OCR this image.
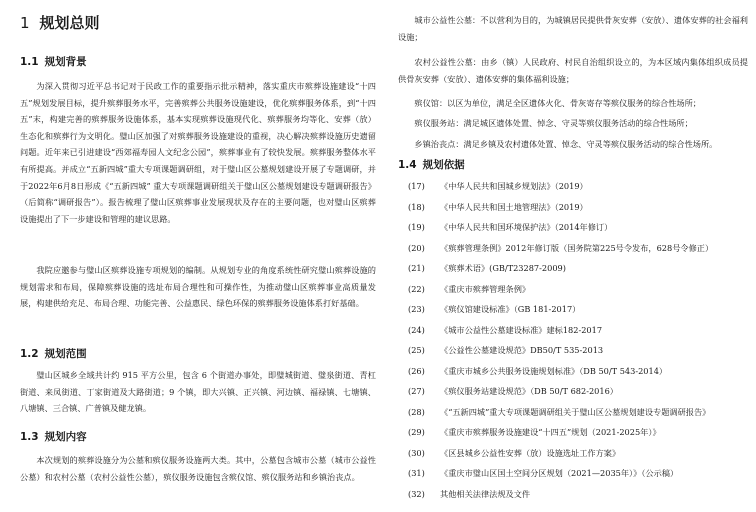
1 规划总则
1.1 规划背景
为深入贯彻习近平总书记对于民政工作的重要指示批示精神，落实重庆市殡葬设施建设“十四五”规划发展目标，提升殡葬服务水平，完善殡葬公共服务设施建设，优化殡葬服务体系，到“十四五”末，构建完善的殡葬服务设施体系，基本实现殡葬设施现代化、殡葬服务均等化、安葬（放）生态化和殡葬行为文明化。璧山区加强了对殡葬服务设施建设的重视，决心解决殡葬设施历史遗留问题。近年来已引进建设“西郊福寿园人文纪念公园”，殡葬事业有了较快发展。殡葬服务整体水平有所提高。并成立“五新四城”重大专项课题调研组，对于璧山区公墓规划建设开展了专题调研，并于2022年6月8日形成《“五新四城” 重大专项课题调研组关于璧山区公墓规划建设专题调研报告》（后简称“调研报告”）。报告梳理了璧山区殡葬事业发展现状及存在的主要问题，也对璧山区殡葬设施提出了下一步建设和管理的建议思路。
我院应邀参与璧山区殡葬设施专项规划的编制。从规划专业的角度系统性研究璧山殡葬设施的规划需求和布局，保障殡葬设施的选址布局合理性和可操作性，为推动璧山区殡葬事业高质量发展，构建供给充足、布局合理、功能完善、公益惠民、绿色环保的殡葬服务设施体系打好基础。
1.2 规划范围
璧山区城乡全域共计约 915 平方公里，包含 6 个街道办事处，即璧城街道、璧泉街道、青杠街道、来凤街道、丁家街道及大路街道；9 个镇，即大兴镇、正兴镇、河边镇、福禄镇、七塘镇、八塘镇、三合镇、广普镇及健龙镇。
1.3 规划内容
本次规划的殡葬设施分为公墓和殡仪服务设施两大类。其中，公墓包含城市公墓（城市公益性公墓）和农村公墓（农村公益性公墓），殡仪服务设施包含殡仪馆、殡仪服务站和乡镇治丧点。
城市公益性公墓：不以营利为目的，为城镇居民提供骨灰安葬（安放）、遗体安葬的社会福利设施；
农村公益性公墓：由乡（镇）人民政府、村民自治组织设立的，为本区域内集体组织成员提供骨灰安葬（安放）、遗体安葬的集体福利设施；
殡仪馆：以区为单位，满足全区遗体火化、骨灰寄存等殡仪服务的综合性场所；
殡仪服务站：满足城区遗体处置、悼念、守灵等殡仪服务活动的综合性场所；
乡镇治丧点：满足乡镇及农村遗体处置、悼念、守灵等殡仪服务活动的综合性场所。
1.4 规划依据
(17) 《中华人民共和国城乡规划法》（2019）
(18) 《中华人民共和国土地管理法》（2019）
(19) 《中华人民共和国环境保护法》（2014年修订）
(20) 《殡葬管理条例》2012年修订版（国务院第225号令发布，628号令修正）
(21) 《殡葬术语》(GB/T23287-2009)
(22) 《重庆市殡葬管理条例》
(23) 《殡仪馆建设标准》（GB 181-2017）
(24) 《城市公益性公墓建设标准》建标182-2017
(25) 《公益性公墓建设规范》DB50/T 535-2013
(26) 《重庆市城乡公共服务设施规划标准》（DB 50/T 543-2014）
(27) 《殡仪服务站建设规范》（DB 50/T 682-2016）
(28) 《“五新四城”重大专项课题调研组关于璧山区公墓规划建设专题调研报告》
(29) 《重庆市殡葬服务设施建设“十四五”规划（2021-2025年）》
(30) 《区县城乡公益性安葬（放）设施选址工作方案》
(31) 《重庆市璧山区国土空间分区规划（2021—2035年）》（公示稿）
(32) 其他相关法律法规及文件
